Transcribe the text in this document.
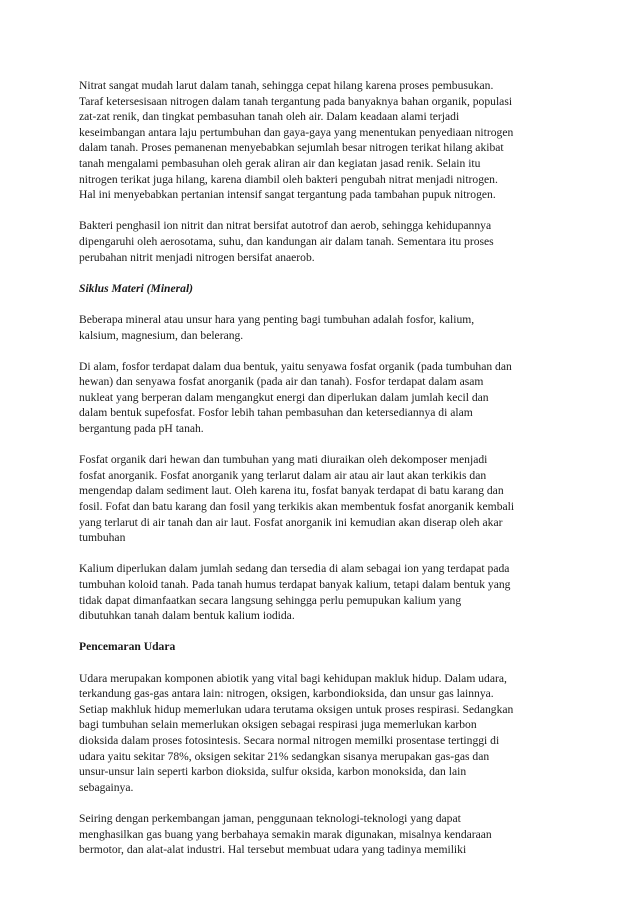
Nitrat sangat mudah larut dalam tanah, sehingga cepat hilang karena proses pembusukan.
Taraf ketersesisaan nitrogen dalam tanah tergantung pada banyaknya bahan organik, populasi
zat-zat renik, dan tingkat pembasuhan tanah oleh air. Dalam keadaan alami terjadi
keseimbangan antara laju pertumbuhan dan gaya-gaya yang menentukan penyediaan nitrogen
dalam tanah. Proses pemanenan menyebabkan sejumlah besar nitrogen terikat hilang akibat
tanah mengalami pembasuhan oleh gerak aliran air dan kegiatan jasad renik. Selain itu
nitrogen terikat juga hilang, karena diambil oleh bakteri pengubah nitrat menjadi nitrogen.
Hal ini menyebabkan pertanian intensif sangat tergantung pada tambahan pupuk nitrogen.

Bakteri penghasil ion nitrit dan nitrat bersifat autotrof dan aerob, sehingga kehidupannya
dipengaruhi oleh aerosotama, suhu, dan kandungan air dalam tanah. Sementara itu proses
perubahan nitrit menjadi nitrogen bersifat anaerob.

Siklus Materi (Mineral)

Beberapa mineral atau unsur hara yang penting bagi tumbuhan adalah fosfor, kalium,
kalsium, magnesium, dan belerang.

Di alam, fosfor terdapat dalam dua bentuk, yaitu senyawa fosfat organik (pada tumbuhan dan
hewan) dan senyawa fosfat anorganik (pada air dan tanah). Fosfor terdapat dalam asam
nukleat yang berperan dalam mengangkut energi dan diperlukan dalam jumlah kecil dan
dalam bentuk supefosfat. Fosfor lebih tahan pembasuhan dan ketersediannya di alam
bergantung pada pH tanah.

Fosfat organik dari hewan dan tumbuhan yang mati diuraikan oleh dekomposer menjadi
fosfat anorganik. Fosfat anorganik yang terlarut dalam air atau air laut akan terkikis dan
mengendap dalam sediment laut. Oleh karena itu, fosfat banyak terdapat di batu karang dan
fosil. Fofat dan batu karang dan fosil yang terkikis akan membentuk fosfat anorganik kembali
yang terlarut di air tanah dan air laut. Fosfat anorganik ini kemudian akan diserap oleh akar
tumbuhan

Kalium diperlukan dalam jumlah sedang dan tersedia di alam sebagai ion yang terdapat pada
tumbuhan koloid tanah. Pada tanah humus terdapat banyak kalium, tetapi dalam bentuk yang
tidak dapat dimanfaatkan secara langsung sehingga perlu pemupukan kalium yang
dibutuhkan tanah dalam bentuk kalium iodida.

Pencemaran Udara

Udara merupakan komponen abiotik yang vital bagi kehidupan makluk hidup. Dalam udara,
terkandung gas-gas antara lain: nitrogen, oksigen, karbondioksida, dan unsur gas lainnya.
Setiap makhluk hidup memerlukan udara terutama oksigen untuk proses respirasi. Sedangkan
bagi tumbuhan selain memerlukan oksigen sebagai respirasi juga memerlukan karbon
dioksida dalam proses fotosintesis. Secara normal nitrogen memilki prosentase tertinggi di
udara yaitu sekitar 78%, oksigen sekitar 21% sedangkan sisanya merupakan gas-gas dan
unsur-unsur lain seperti karbon dioksida, sulfur oksida, karbon monoksida, dan lain
sebagainya.

Seiring dengan perkembangan jaman, penggunaan teknologi-teknologi yang dapat
menghasilkan gas buang yang berbahaya semakin marak digunakan, misalnya kendaraan
bermotor, dan alat-alat industri. Hal tersebut membuat udara yang tadinya memiliki
